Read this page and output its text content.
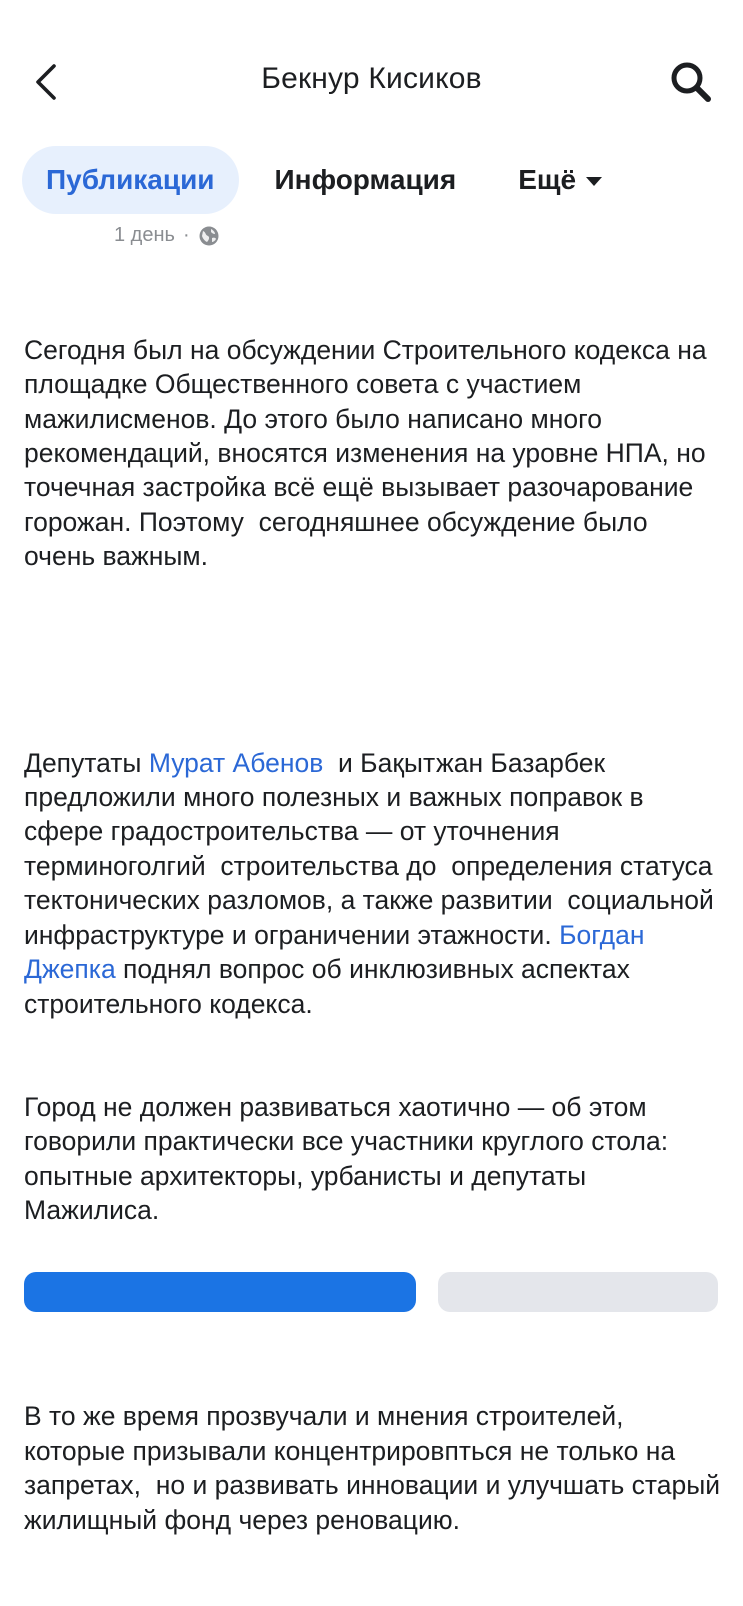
Бекнур Кисиков
Публикации Информация Ещё
1 день ·

Сегодня был на обсуждении Строительного кодекса на площадке Общественного совета с участием мажилисменов. До этого было написано много рекомендаций, вносятся изменения на уровне НПА, но точечная застройка всё ещё вызывает разочарование горожан. Поэтому  сегодняшнее обсуждение было очень важным.

Депутаты Мурат Абенов  и Бақытжан Базарбек предложили много полезных и важных поправок в сфере градостроительства — от уточнения терминоголгий  строительства до  определения статуса  тектонических разломов, а также развитии  социальной инфраструктуре и ограничении этажности. Богдан Джепка поднял вопрос об инклюзивных аспектах строительного кодекса.

Город не должен развиваться хаотично — об этом говорили практически все участники круглого стола: опытные архитекторы, урбанисты и депутаты Мажилиса.

В то же время прозвучали и мнения строителей, которые призывали концентрировпться не только на запретах,  но и развивать инновации и улучшать старый жилищный фонд через реновацию.
